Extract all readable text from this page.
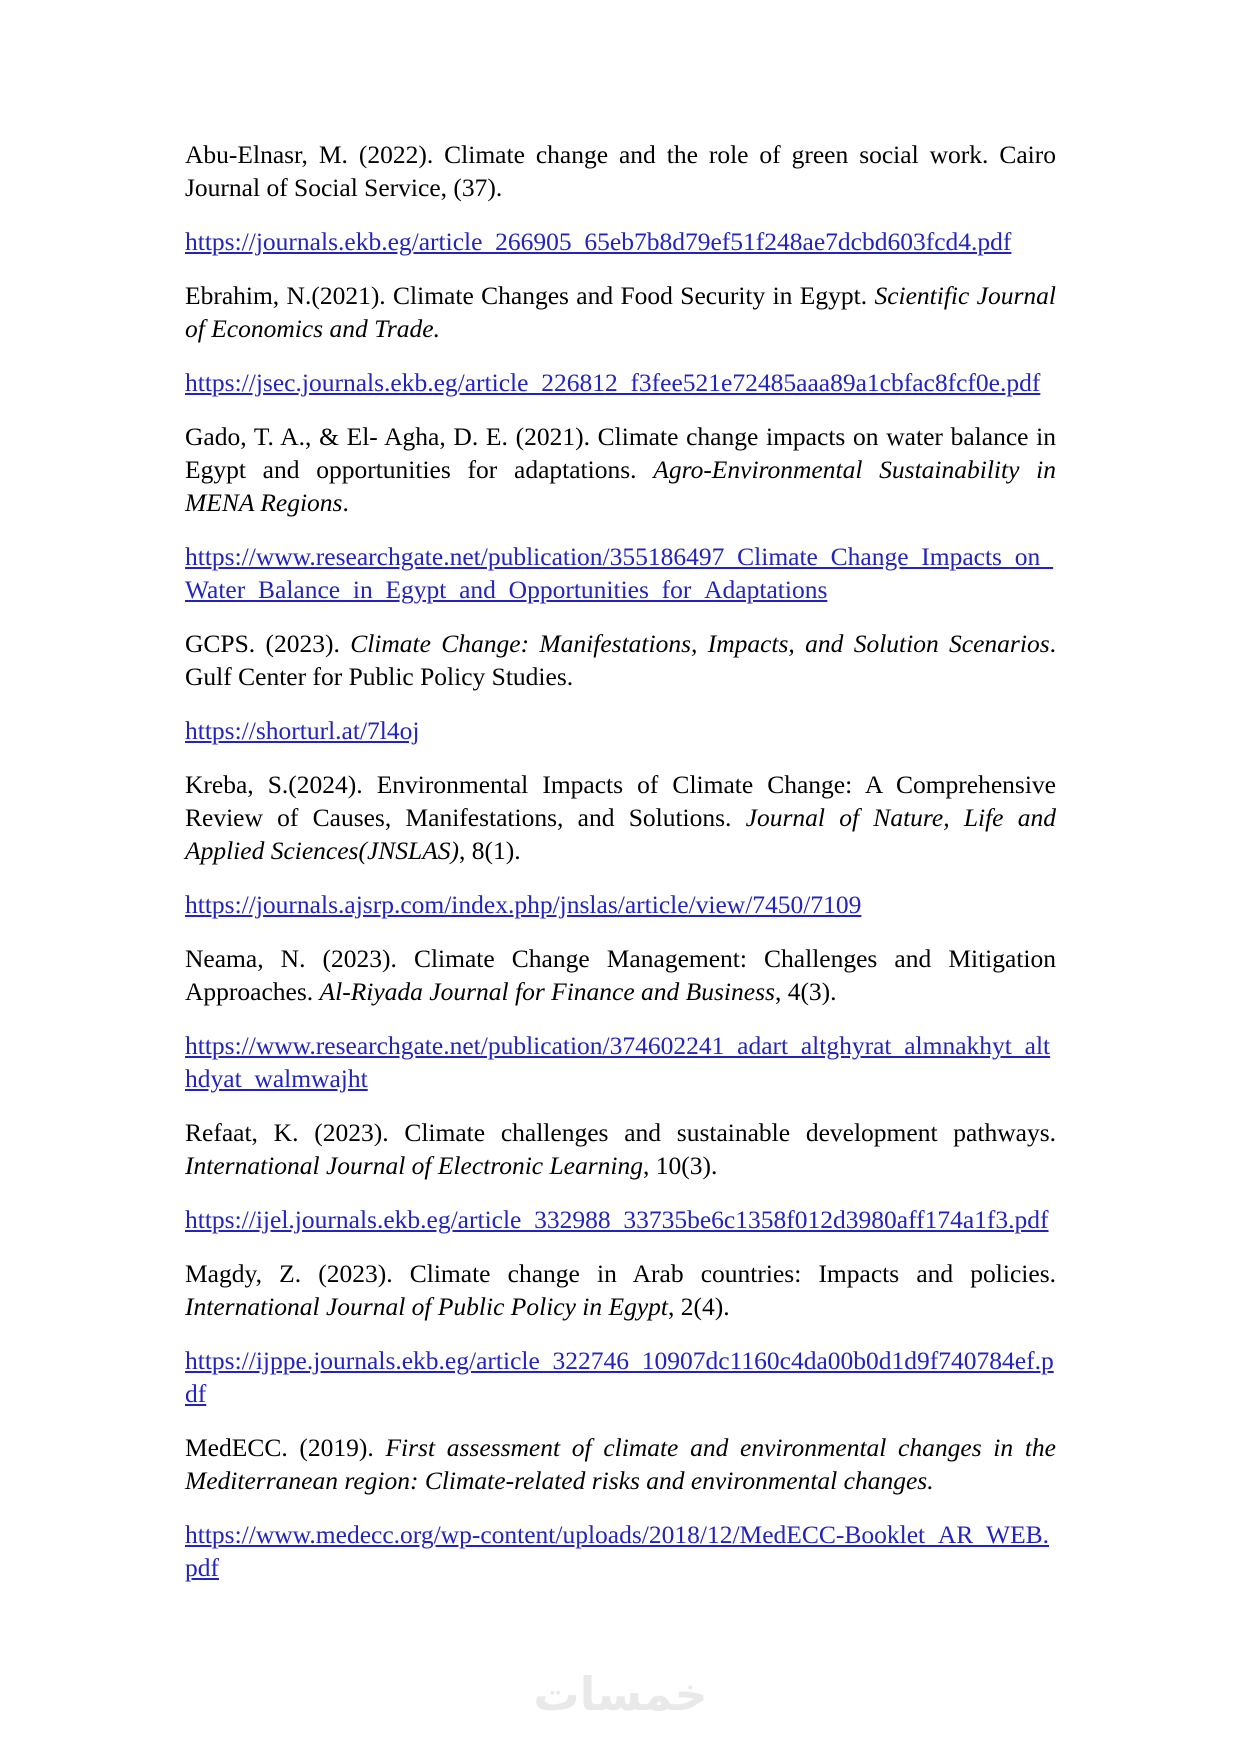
Abu-Elnasr, M. (2022). Climate change and the role of green social work. Cairo Journal of Social Service, (37).

https://journals.ekb.eg/article_266905_65eb7b8d79ef51f248ae7dcbd603fcd4.pdf

Ebrahim, N.(2021). Climate Changes and Food Security in Egypt. Scientific Journal of Economics and Trade.

https://jsec.journals.ekb.eg/article_226812_f3fee521e72485aaa89a1cbfac8fcf0e.pdf

Gado, T. A., & El- Agha, D. E. (2021). Climate change impacts on water balance in Egypt and opportunities for adaptations. Agro-Environmental Sustainability in MENA Regions.

https://www.researchgate.net/publication/355186497_Climate_Change_Impacts_on_Water_Balance_in_Egypt_and_Opportunities_for_Adaptations

GCPS. (2023). Climate Change: Manifestations, Impacts, and Solution Scenarios. Gulf Center for Public Policy Studies.

https://shorturl.at/7l4oj

Kreba, S.(2024). Environmental Impacts of Climate Change: A Comprehensive Review of Causes, Manifestations, and Solutions. Journal of Nature, Life and Applied Sciences(JNSLAS), 8(1).

https://journals.ajsrp.com/index.php/jnslas/article/view/7450/7109

Neama, N. (2023). Climate Change Management: Challenges and Mitigation Approaches. Al-Riyada Journal for Finance and Business, 4(3).

https://www.researchgate.net/publication/374602241_adart_altghyrat_almnakhyt_althdyat_walmwajht

Refaat, K. (2023). Climate challenges and sustainable development pathways. International Journal of Electronic Learning, 10(3).

https://ijel.journals.ekb.eg/article_332988_33735be6c1358f012d3980aff174a1f3.pdf

Magdy, Z. (2023). Climate change in Arab countries: Impacts and policies. International Journal of Public Policy in Egypt, 2(4).

https://ijppe.journals.ekb.eg/article_322746_10907dc1160c4da00b0d1d9f740784ef.pdf

MedECC. (2019). First assessment of climate and environmental changes in the Mediterranean region: Climate-related risks and environmental changes.

https://www.medecc.org/wp-content/uploads/2018/12/MedECC-Booklet_AR_WEB.pdf

خمسات
